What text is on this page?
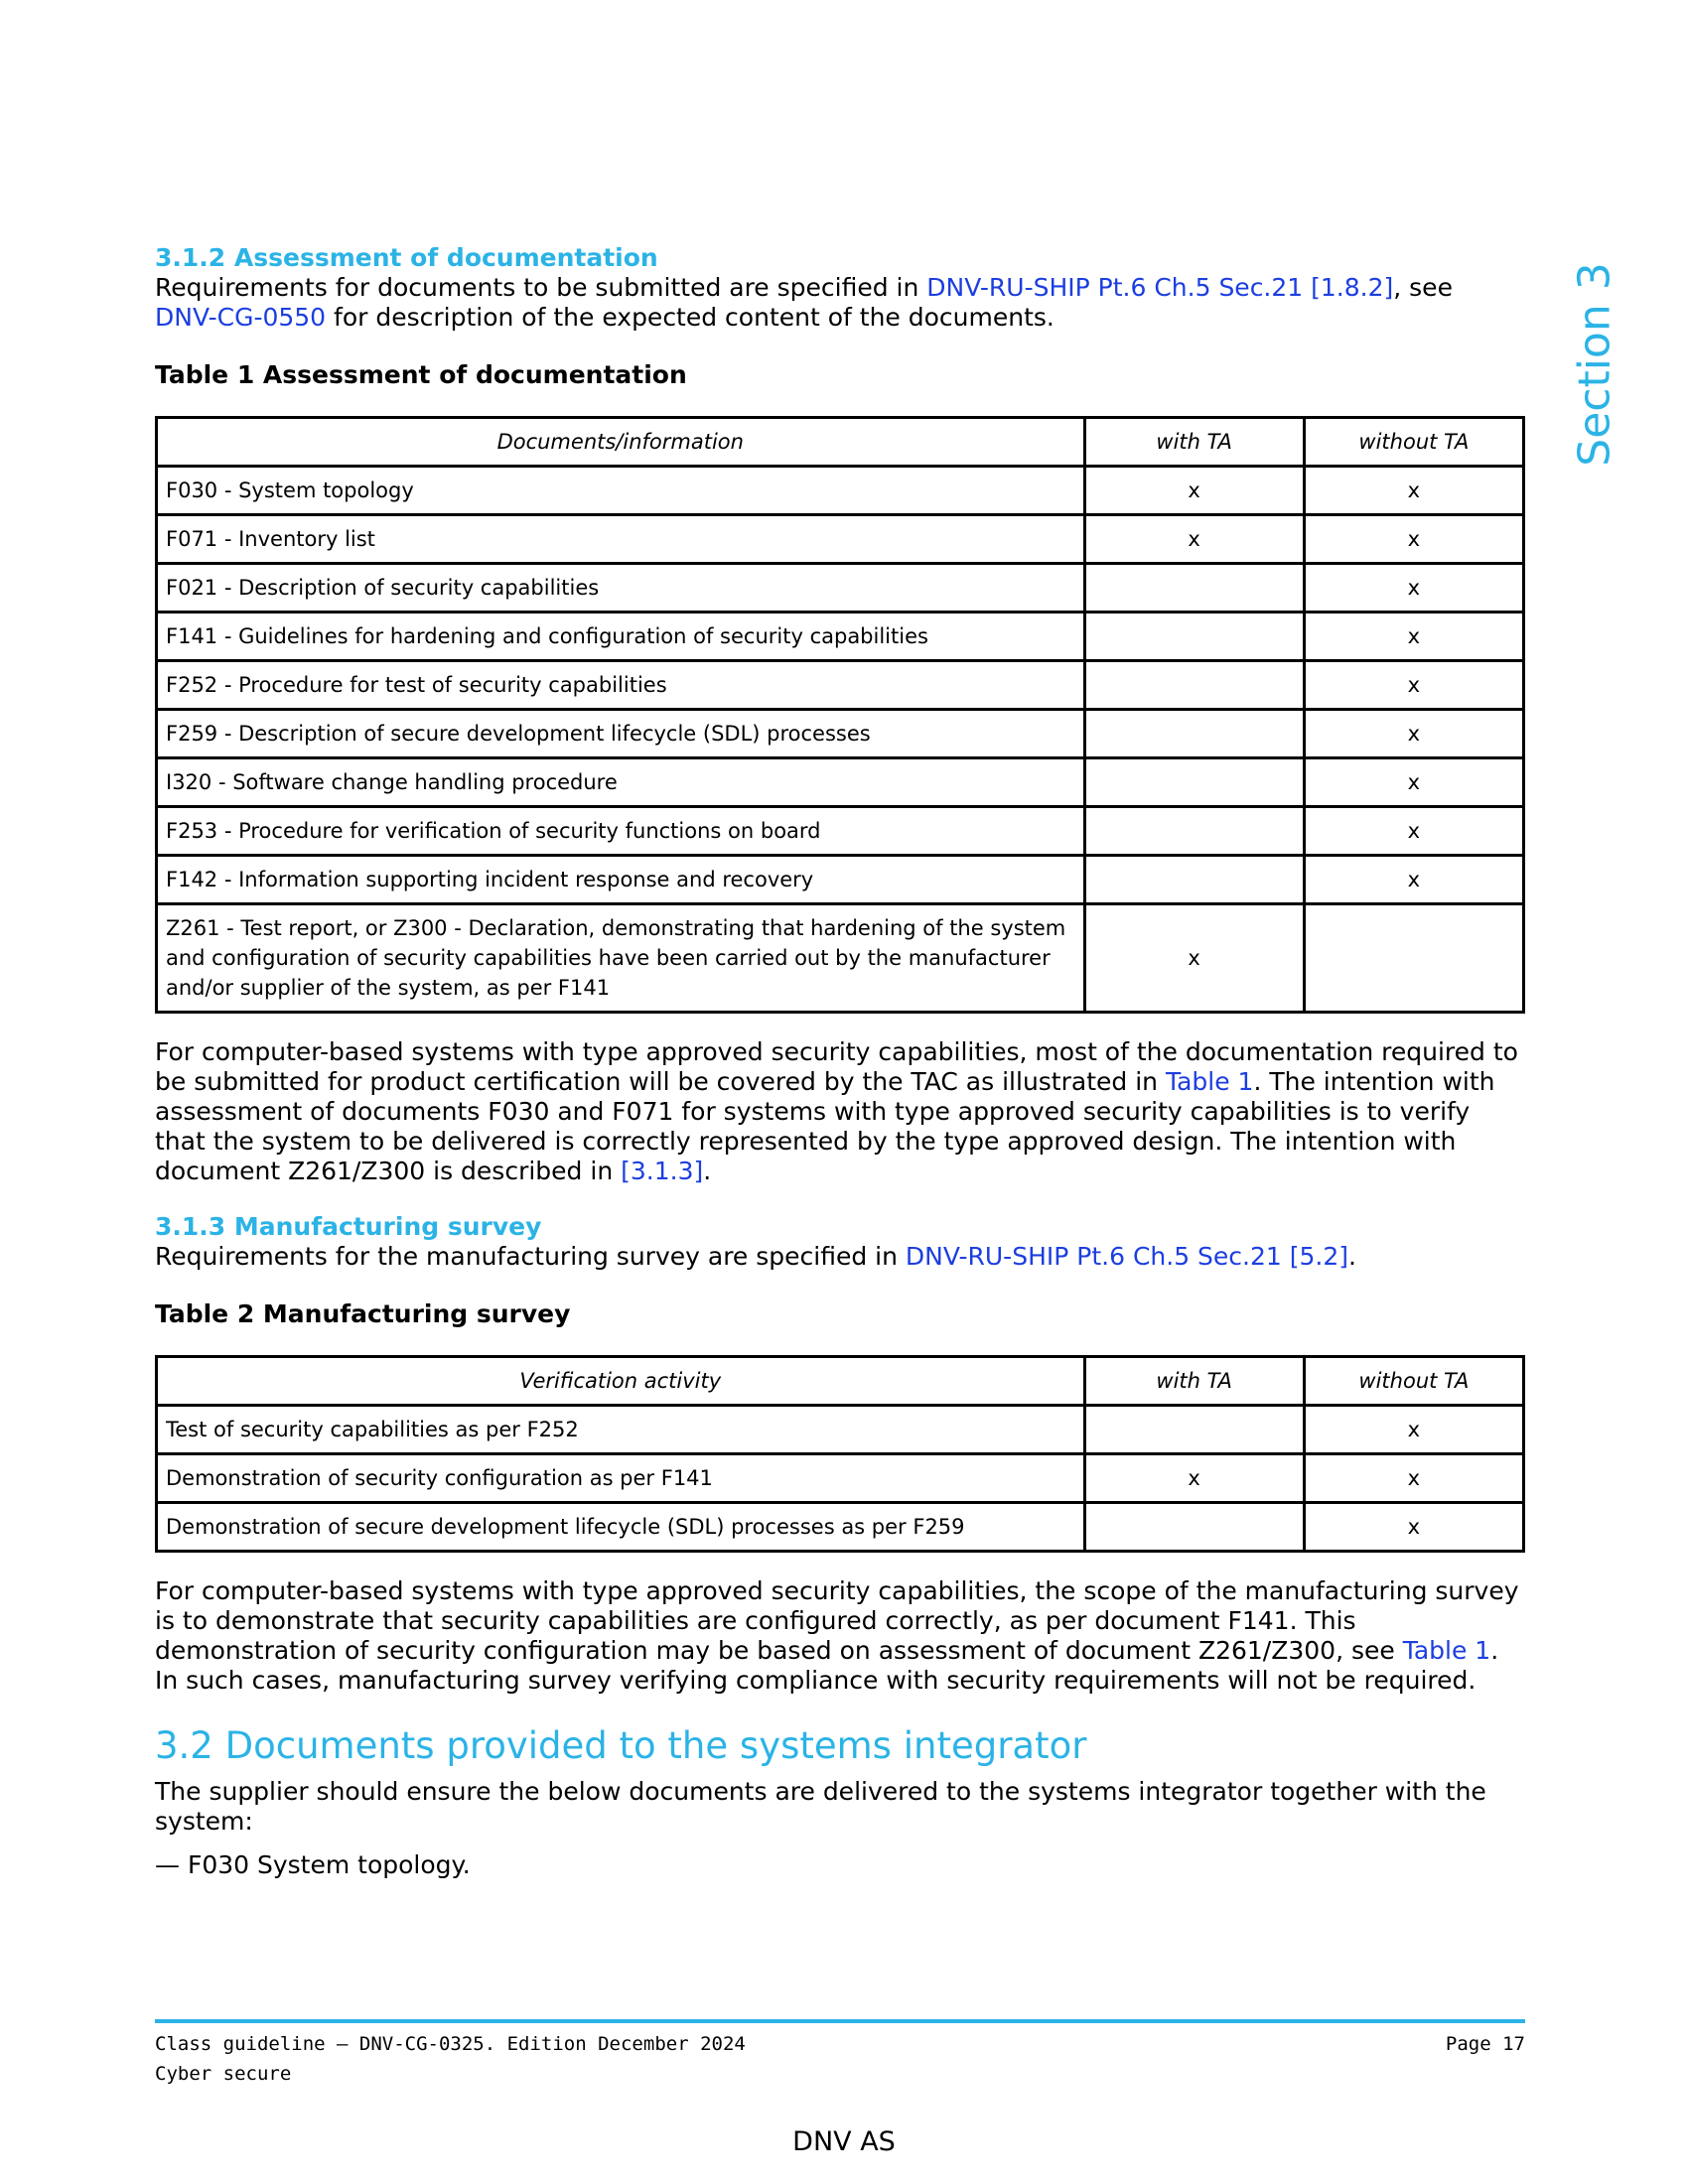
Section 3
3.1.2 Assessment of documentation

Requirements for documents to be submitted are specified in DNV-RU-SHIP Pt.6 Ch.5 Sec.21 [1.8.2], see
DNV-CG-0550 for description of the expected content of the documents.

Table 1 Assessment of documentation
Documents/information	with TA	without TA
F030 - System topology	x	x
F071 - Inventory list	x	x
F021 - Description of security capabilities		x
F141 - Guidelines for hardening and configuration of security capabilities		x
F252 - Procedure for test of security capabilities		x
F259 - Description of secure development lifecycle (SDL) processes		x
I320 - Software change handling procedure		x
F253 - Procedure for verification of security functions on board		x
F142 - Information supporting incident response and recovery		x
Z261 - Test report, or Z300 - Declaration, demonstrating that hardening of the system and configuration of security capabilities have been carried out by the manufacturer and/or supplier of the system, as per F141	x	

For computer-based systems with type approved security capabilities, most of the documentation required to be submitted for product certification will be covered by the TAC as illustrated in Table 1. The intention with assessment of documents F030 and F071 for systems with type approved security capabilities is to verify that the system to be delivered is correctly represented by the type approved design. The intention with document Z261/Z300 is described in [3.1.3].

3.1.3 Manufacturing survey

Requirements for the manufacturing survey are specified in DNV-RU-SHIP Pt.6 Ch.5 Sec.21 [5.2].

Table 2 Manufacturing survey
Verification activity	with TA	without TA
Test of security capabilities as per F252		x
Demonstration of security configuration as per F141	x	x
Demonstration of secure development lifecycle (SDL) processes as per F259		x

For computer-based systems with type approved security capabilities, the scope of the manufacturing survey is to demonstrate that security capabilities are configured correctly, as per document F141. This demonstration of security configuration may be based on assessment of document Z261/Z300, see Table 1. In such cases, manufacturing survey verifying compliance with security requirements will not be required.

3.2 Documents provided to the systems integrator

The supplier should ensure the below documents are delivered to the systems integrator together with the system:

— F030 System topology.

Class guideline — DNV-CG-0325. Edition December 2024
Cyber secure
Page 17
DNV AS
